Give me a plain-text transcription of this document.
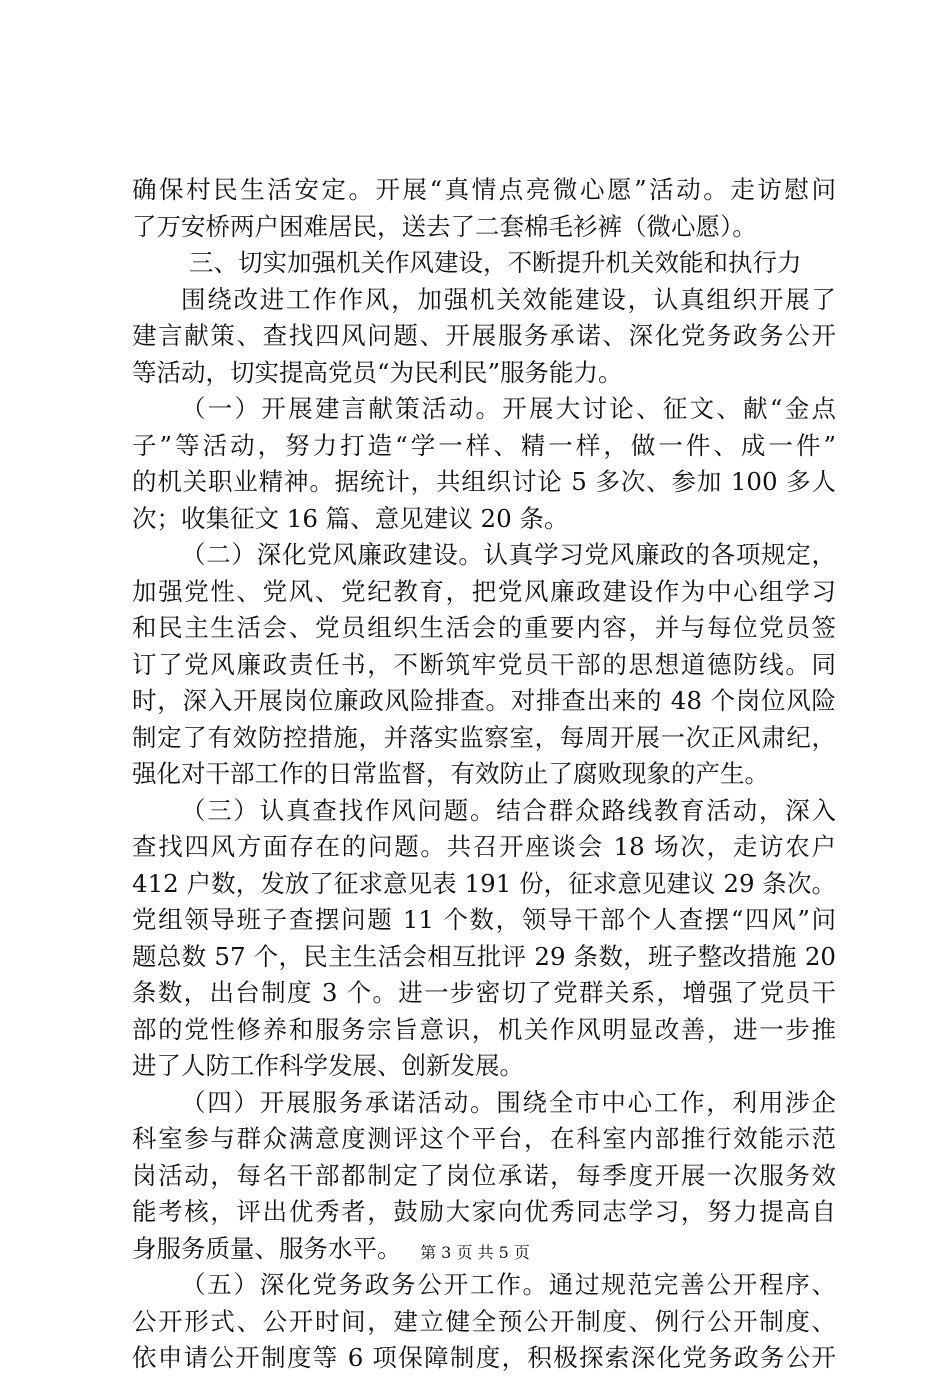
确保村民生活安定。开展“真情点亮微心愿”活动。走访慰问
了万安桥两户困难居民，送去了二套棉毛衫裤（微心愿）。
三、切实加强机关作风建设，不断提升机关效能和执行力
围绕改进工作作风，加强机关效能建设，认真组织开展了
建言献策、查找四风问题、开展服务承诺、深化党务政务公开
等活动，切实提高党员“为民利民”服务能力。
（一）开展建言献策活动。开展大讨论、征文、献“金点
子”等活动，努力打造“学一样、精一样，做一件、成一件”
的机关职业精神。据统计，共组织讨论 5 多次、参加 100 多人
次；收集征文 16 篇、意见建议 20 条。
（二）深化党风廉政建设。认真学习党风廉政的各项规定，
加强党性、党风、党纪教育，把党风廉政建设作为中心组学习
和民主生活会、党员组织生活会的重要内容，并与每位党员签
订了党风廉政责任书，不断筑牢党员干部的思想道德防线。同
时，深入开展岗位廉政风险排查。对排查出来的 48 个岗位风险
制定了有效防控措施，并落实监察室，每周开展一次正风肃纪，
强化对干部工作的日常监督，有效防止了腐败现象的产生。
（三）认真查找作风问题。结合群众路线教育活动，深入
查找四风方面存在的问题。共召开座谈会 18 场次，走访农户
412 户数，发放了征求意见表 191 份，征求意见建议 29 条次。
党组领导班子查摆问题 11 个数，领导干部个人查摆“四风”问
题总数 57 个，民主生活会相互批评 29 条数，班子整改措施 20
条数，出台制度 3 个。进一步密切了党群关系，增强了党员干
部的党性修养和服务宗旨意识，机关作风明显改善，进一步推
进了人防工作科学发展、创新发展。
（四）开展服务承诺活动。围绕全市中心工作，利用涉企
科室参与群众满意度测评这个平台，在科室内部推行效能示范
岗活动，每名干部都制定了岗位承诺，每季度开展一次服务效
能考核，评出优秀者，鼓励大家向优秀同志学习，努力提高自
身服务质量、服务水平。
（五）深化党务政务公开工作。通过规范完善公开程序、
公开形式、公开时间，建立健全预公开制度、例行公开制度、
依申请公开制度等 6 项保障制度，积极探索深化党务政务公开
第 3 页 共 5 页
